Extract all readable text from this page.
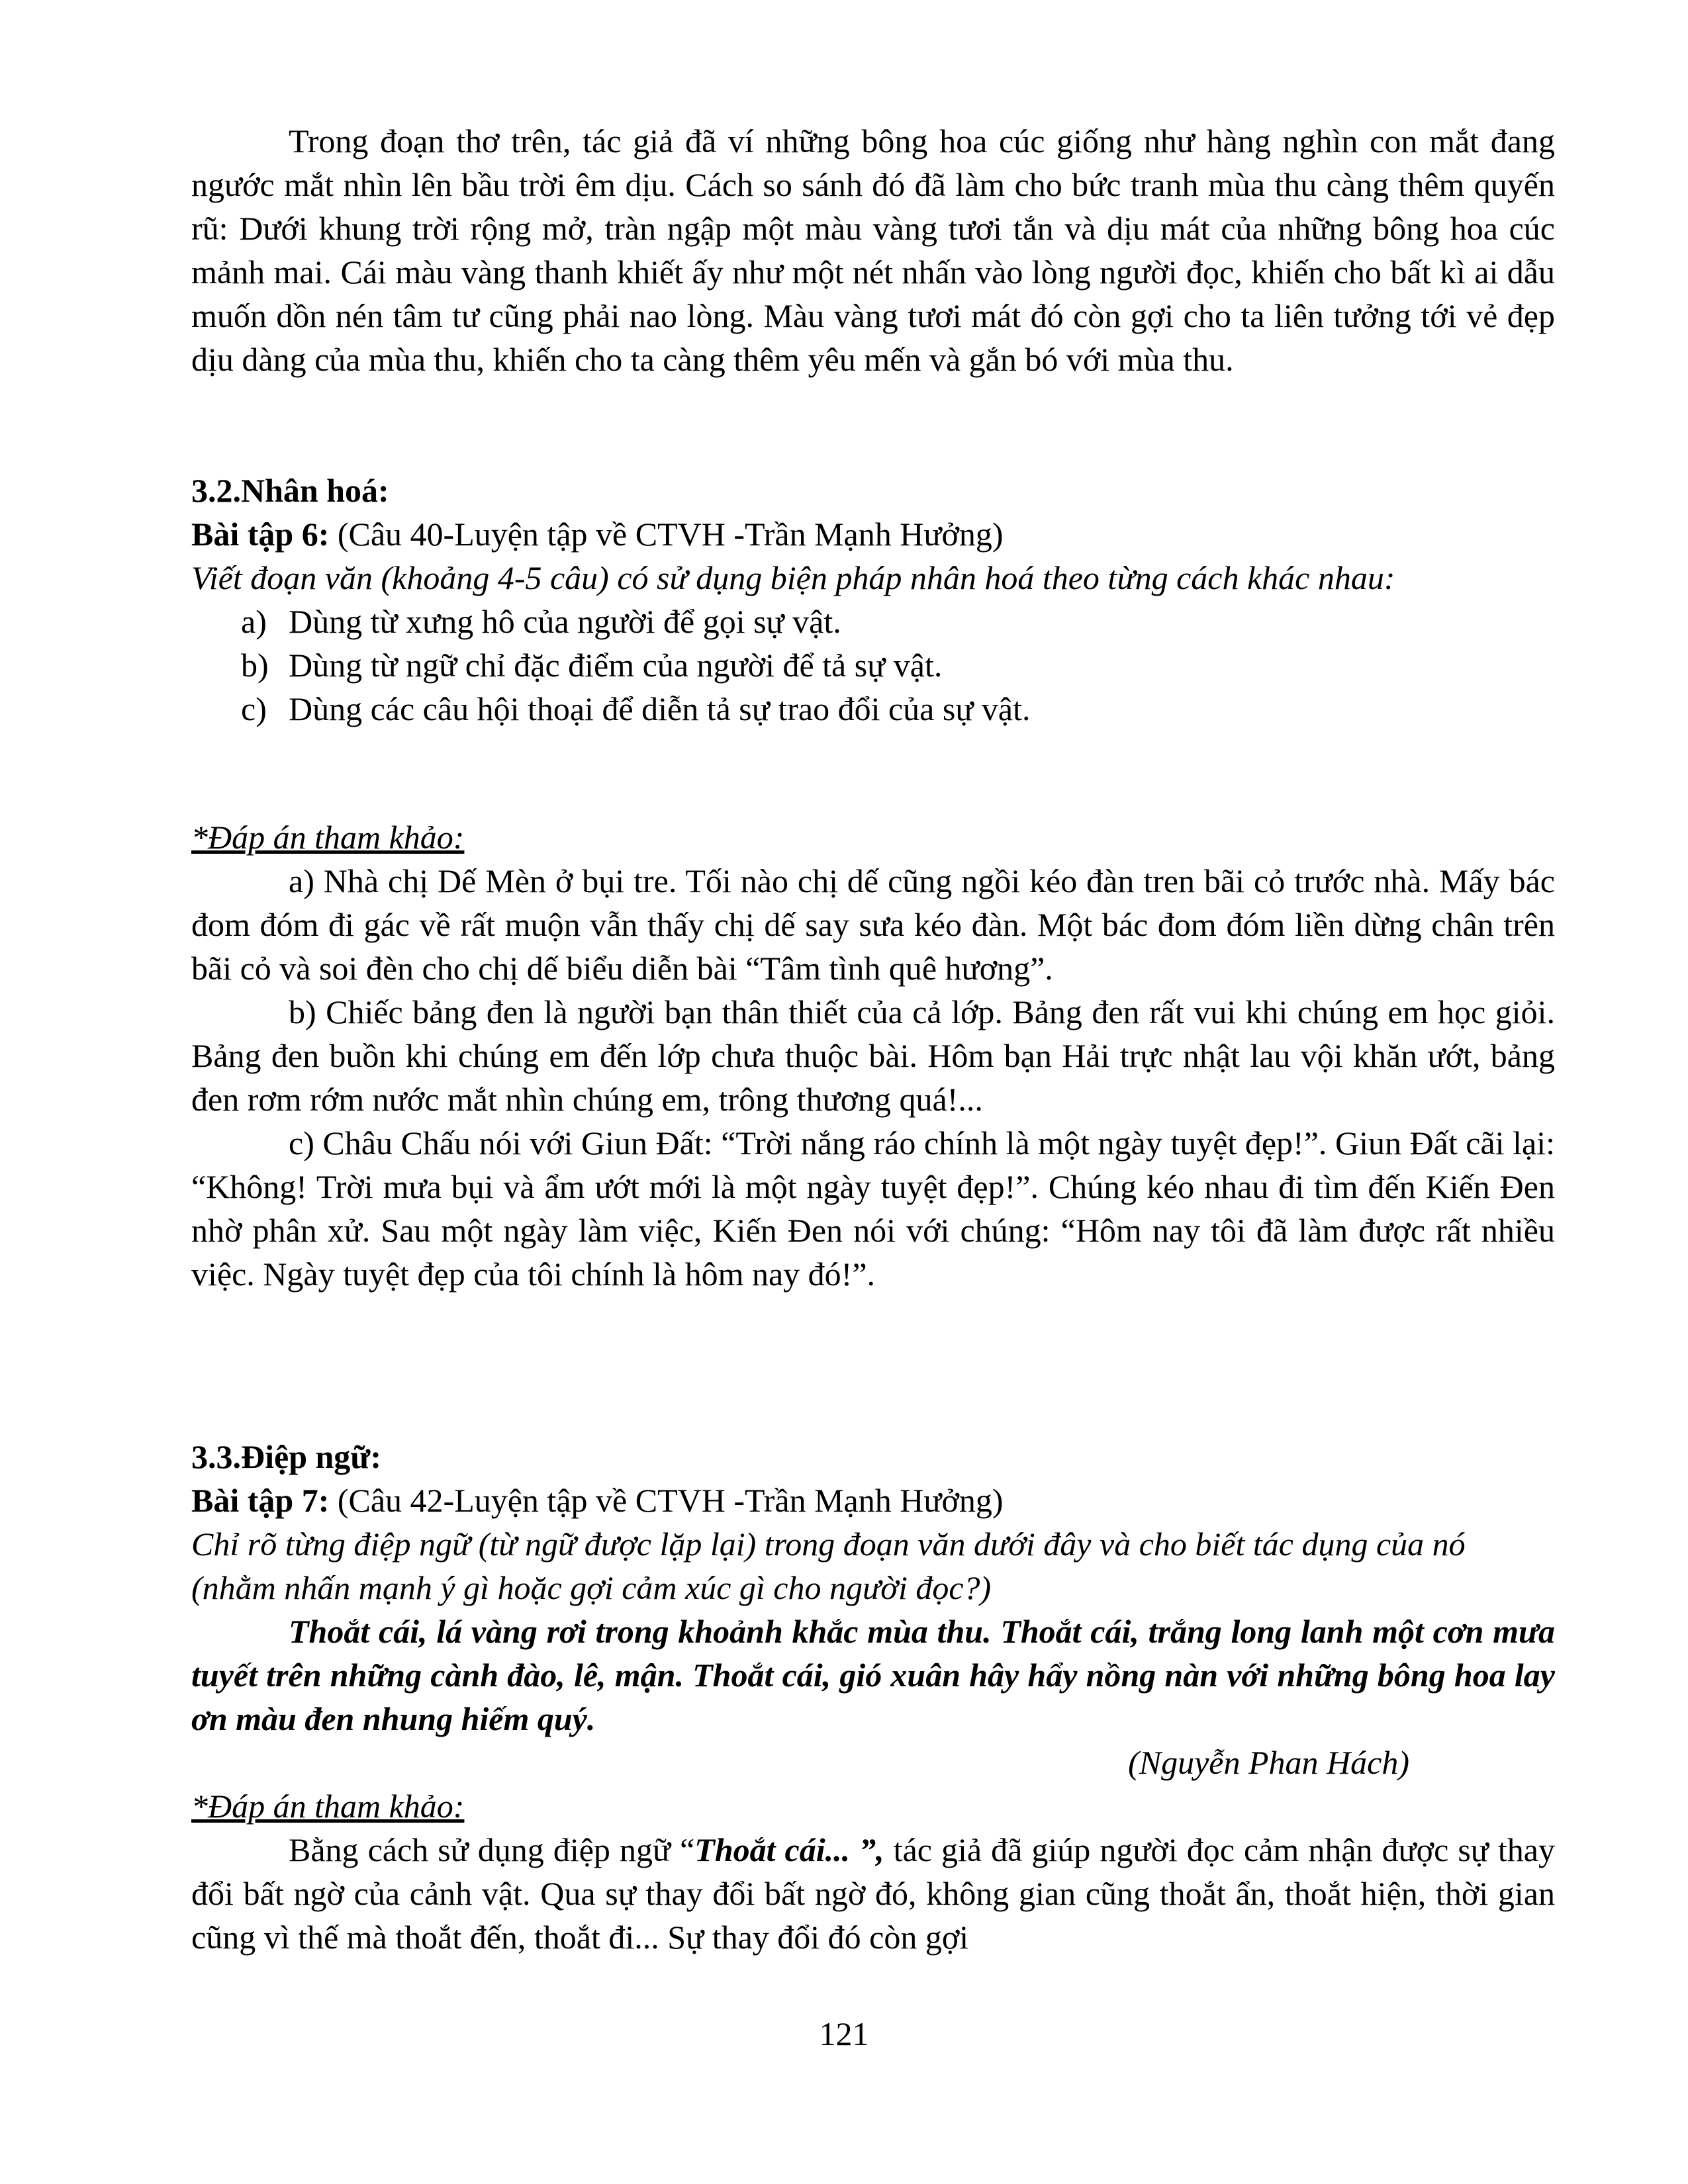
Trong đoạn thơ trên, tác giả đã ví những bông hoa cúc giống như hàng nghìn con mắt đang ngước mắt nhìn lên bầu trời êm dịu. Cách so sánh đó đã làm cho bức tranh mùa thu càng thêm quyến rũ: Dưới khung trời rộng mở, tràn ngập một màu vàng tươi tắn và dịu mát của những bông hoa cúc mảnh mai. Cái màu vàng thanh khiết ấy như một nét nhấn vào lòng người đọc, khiến cho bất kì ai dẫu muốn dồn nén tâm tư cũng phải nao lòng. Màu vàng tươi mát đó còn gợi cho ta liên tưởng tới vẻ đẹp dịu dàng của mùa thu, khiến cho ta càng thêm yêu mến và gắn bó với mùa thu.

3.2.Nhân hoá:

Bài tập 6: (Câu 40-Luyện tập về CTVH -Trần Mạnh Hưởng)

Viết đoạn văn (khoảng 4-5 câu) có sử dụng biện pháp nhân hoá theo từng cách khác nhau:

a) Dùng từ xưng hô của người để gọi sự vật.
b) Dùng từ ngữ chỉ đặc điểm của người để tả sự vật.
c) Dùng các câu hội thoại để diễn tả sự trao đổi của sự vật.

*Đáp án tham khảo:

a) Nhà chị Dế Mèn ở bụi tre. Tối nào chị dế cũng ngồi kéo đàn tren bãi cỏ trước nhà. Mấy bác đom đóm đi gác về rất muộn vẫn thấy chị dế say sưa kéo đàn. Một bác đom đóm liền dừng chân trên bãi cỏ và soi đèn cho chị dế biểu diễn bài “Tâm tình quê hương”.

b) Chiếc bảng đen là người bạn thân thiết của cả lớp. Bảng đen rất vui khi chúng em học giỏi. Bảng đen buồn khi chúng em đến lớp chưa thuộc bài. Hôm bạn Hải trực nhật lau vội khăn ướt, bảng đen rơm rớm nước mắt nhìn chúng em, trông thương quá!...

c) Châu Chấu nói với Giun Đất: “Trời nắng ráo chính là một ngày tuyệt đẹp!”. Giun Đất cãi lại: “Không! Trời mưa bụi và ẩm ướt mới là một ngày tuyệt đẹp!”. Chúng kéo nhau đi tìm đến Kiến Đen nhờ phân xử. Sau một ngày làm việc, Kiến Đen nói với chúng: “Hôm nay tôi đã làm được rất nhiều việc. Ngày tuyệt đẹp của tôi chính là hôm nay đó!”.

3.3.Điệp ngữ:

Bài tập 7: (Câu 42-Luyện tập về CTVH -Trần Mạnh Hưởng)

Chỉ rõ từng điệp ngữ (từ ngữ được lặp lại) trong đoạn văn dưới đây và cho biết tác dụng của nó (nhằm nhấn mạnh ý gì hoặc gợi cảm xúc gì cho người đọc?)

Thoắt cái, lá vàng rơi trong khoảnh khắc mùa thu. Thoắt cái, trắng long lanh một cơn mưa tuyết trên những cành đào, lê, mận. Thoắt cái, gió xuân hây hẩy nồng nàn với những bông hoa lay ơn màu đen nhung hiếm quý.

(Nguyễn Phan Hách)

*Đáp án tham khảo:

Bằng cách sử dụng điệp ngữ “Thoắt cái... ”, tác giả đã giúp người đọc cảm nhận được sự thay đổi bất ngờ của cảnh vật. Qua sự thay đổi bất ngờ đó, không gian cũng thoắt ẩn, thoắt hiện, thời gian cũng vì thế mà thoắt đến, thoắt đi... Sự thay đổi đó còn gợi

121
